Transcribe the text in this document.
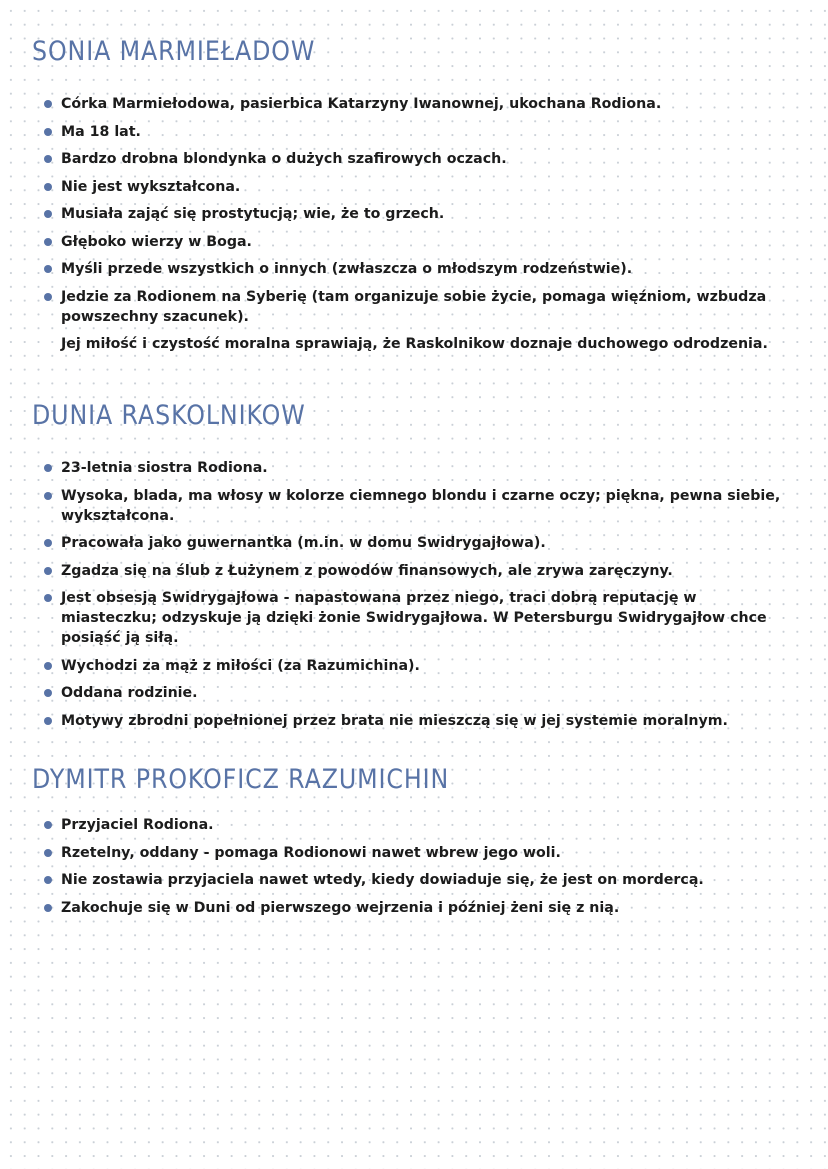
SONIA MARMIEŁADOW
Córka Marmiełodowa, pasierbica Katarzyny Iwanownej, ukochana Rodiona.
Ma 18 lat.
Bardzo drobna blondynka o dużych szafirowych oczach.
Nie jest wykształcona.
Musiała zająć się prostytucją; wie, że to grzech.
Głęboko wierzy w Boga.
Myśli przede wszystkich o innych (zwłaszcza o młodszym rodzeństwie).
Jedzie za Rodionem na Syberię (tam organizuje sobie życie, pomaga więźniom, wzbudza powszechny szacunek).

Jej miłość i czystość moralna sprawiają, że Raskolnikow doznaje duchowego odrodzenia.

DUNIA RASKOLNIKOW
23-letnia siostra Rodiona.
Wysoka, blada, ma włosy w kolorze ciemnego blondu i czarne oczy; piękna, pewna siebie, wykształcona.
Pracowała jako guwernantka (m.in. w domu Swidrygajłowa).
Zgadza się na ślub z Łużynem z powodów finansowych, ale zrywa zaręczyny.
Jest obsesją Swidrygajłowa - napastowana przez niego, traci dobrą reputację w miasteczku; odzyskuje ją dzięki żonie Swidrygajłowa. W Petersburgu Swidrygajłow chce posiąść ją siłą.
Wychodzi za mąż z miłości (za Razumichina).
Oddana rodzinie.
Motywy zbrodni popełnionej przez brata nie mieszczą się w jej systemie moralnym.
DYMITR PROKOFICZ RAZUMICHIN
Przyjaciel Rodiona.
Rzetelny, oddany - pomaga Rodionowi nawet wbrew jego woli.
Nie zostawia przyjaciela nawet wtedy, kiedy dowiaduje się, że jest on mordercą.
Zakochuje się w Duni od pierwszego wejrzenia i później żeni się z nią.
